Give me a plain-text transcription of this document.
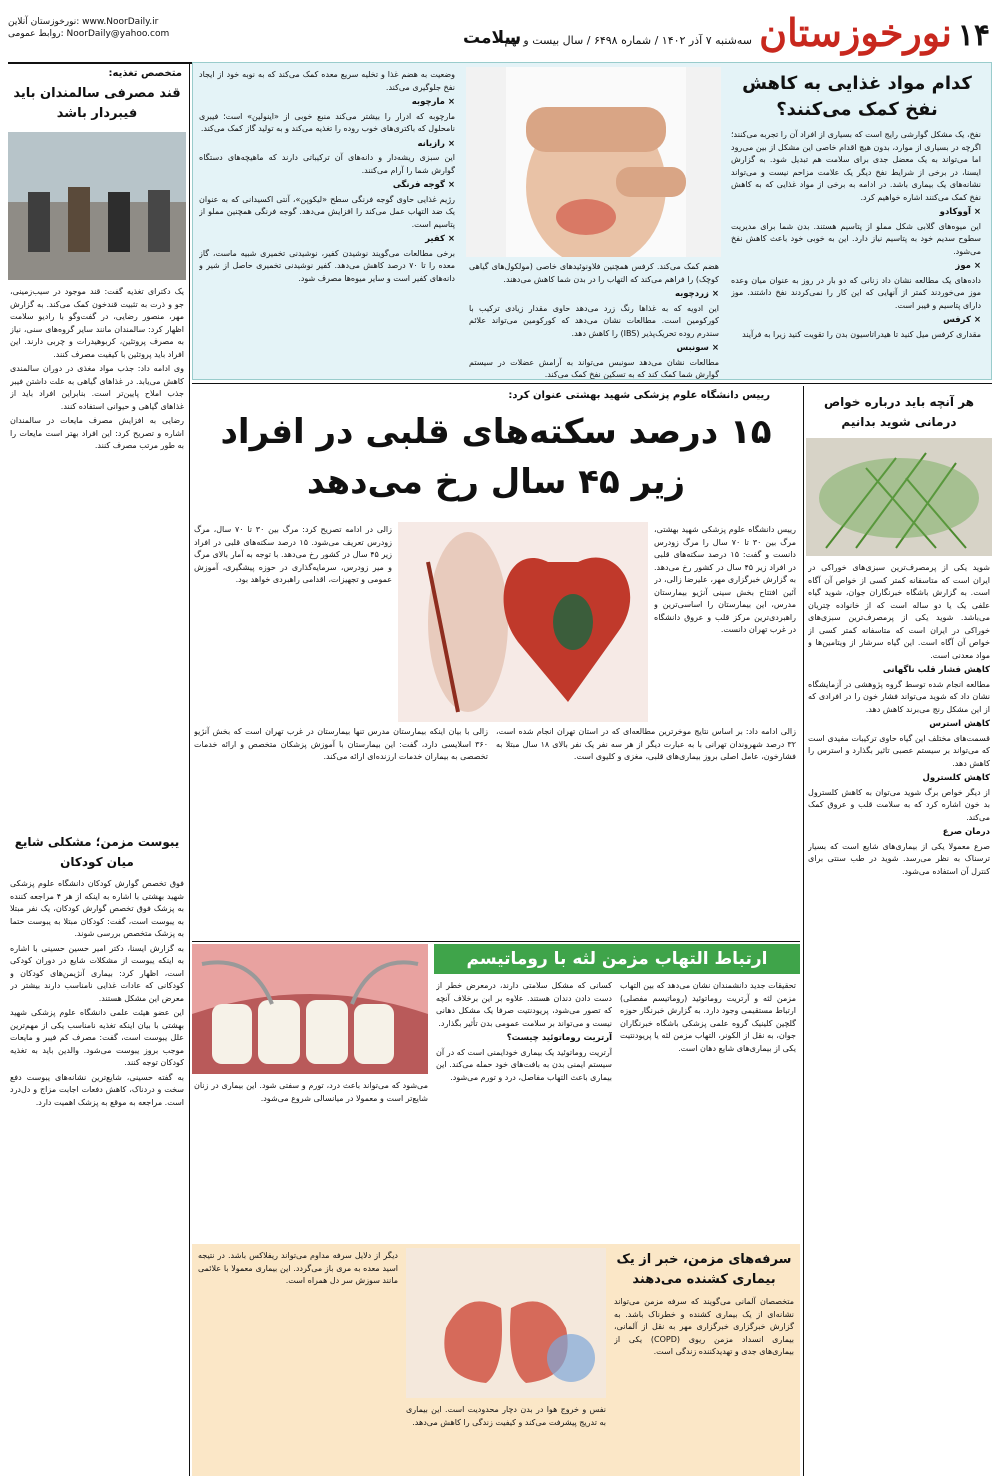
۱۴
نورخوزستان
سه‌شنبه ۷ آذر ۱۴۰۲ / شماره ۶۴۹۸ / سال بیست و نهم
سلامت
نورخوزستان آنلاین: www.NoorDaily.ir
روابط عمومی: NoorDaily@yahoo.com
کدام مواد غذایی به کاهش نفخ کمک می‌کنند؟

نفخ، یک مشکل گوارشی رایج است که بسیاری از افراد آن را تجربه می‌کنند؛ اگرچه در بسیاری از موارد، بدون هیچ اقدام خاصی این مشکل از بین می‌رود اما می‌تواند به یک معضل جدی برای سلامت هم تبدیل شود. به گزارش ایسنا، در برخی از شرایط نفخ دیگر یک علامت مزاحم نیست و می‌تواند نشانه‌های یک بیماری باشد. در ادامه به برخی از مواد غذایی که به کاهش نفخ کمک می‌کنند اشاره خواهیم کرد.

× آووکادو

این میوه‌های گلابی شکل مملو از پتاسیم هستند. بدن شما برای مدیریت سطوح سدیم خود به پتاسیم نیاز دارد. این به خوبی خود باعث کاهش نفخ می‌شود.

× موز

داده‌های یک مطالعه نشان داد زنانی که دو بار در روز به عنوان میان وعده موز می‌خوردند کمتر از آنهایی که این کار را نمی‌کردند نفخ داشتند. موز دارای پتاسیم و فیبر است.

× کرفس

مقداری کرفس میل کنید تا هیدراتاسیون بدن را تقویت کنید زیرا به فرآیند

هضم کمک می‌کند. کرفس همچنین فلاونوئیدهای خاصی (مولکول‌های گیاهی کوچک) را فراهم می‌کند که التهاب را در بدن شما کاهش می‌دهند.

× زردچوبه

این ادویه که به غذاها رنگ زرد می‌دهد حاوی مقدار زیادی ترکیب با کورکومین است. مطالعات نشان می‌دهد که کورکومین می‌تواند علائم سندرم روده تحریک‌پذیر (IBS) را کاهش دهد.

× سونبس

مطالعات نشان می‌دهد سونبس می‌تواند به آرامش عضلات در سیستم گوارش شما کمک کند که به تسکین نفخ کمک می‌کند.

وضعیت به هضم غذا و تخلیه سریع معده کمک می‌کند که به نوبه خود از ایجاد نفخ جلوگیری می‌کند.

× مارچوبه

مارچوبه که ادرار را بیشتر می‌کند منبع خوبی از «اینولین» است؛ فیبری نامحلول که باکتری‌های خوب روده را تغذیه می‌کند و به تولید گاز کمک می‌کند.

× رازیانه

این سبزی ریشه‌دار و دانه‌های آن ترکیباتی دارند که ماهیچه‌های دستگاه گوارش شما را آرام می‌کنند.

× گوجه فرنگی

رژیم غذایی حاوی گوجه فرنگی سطح «لیکوپن»، آنتی اکسیدانی که به عنوان یک ضد التهاب عمل می‌کند را افزایش می‌دهد. گوجه فرنگی همچنین مملو از پتاسیم است.

× کفیر

برخی مطالعات می‌گویند نوشیدن کفیر، نوشیدنی تخمیری شبیه ماست، گاز معده را تا ۷۰ درصد کاهش می‌دهد. کفیر نوشیدنی تخمیری حاصل از شیر و دانه‌های کفیر است و سایر میوه‌ها مصرف شود.

رییس دانشگاه علوم پزشکی شهید بهشتی عنوان کرد:
۱۵ درصد سکته‌های قلبی در افراد
زیر ۴۵ سال رخ می‌دهد
رییس دانشگاه علوم پزشکی شهید بهشتی، مرگ بین ۳۰ تا ۷۰ سال را مرگ زودرس دانست و گفت: ۱۵ درصد سکته‌های قلبی در افراد زیر ۴۵ سال در کشور رخ می‌دهد. به گزارش خبرگزاری مهر، علیرضا زالی، در آئین افتتاح بخش سینی آنژیو بیمارستان مدرس، این بیمارستان را اساسی‌ترین و راهبردی‌ترین مرکز قلب و عروق دانشگاه در غرب تهران دانست.
زالی در ادامه تصریح کرد: مرگ بین ۳۰ تا ۷۰ سال، مرگ زودرس تعریف می‌شود. ۱۵ درصد سکته‌های قلبی در افراد زیر ۴۵ سال در کشور رخ می‌دهد. با توجه به آمار بالای مرگ و میر زودرس، سرمایه‌گذاری در حوزه پیشگیری، آموزش عمومی و تجهیزات، اقدامی راهبردی خواهد بود.
زالی ادامه داد: بر اساس نتایج موخرترین مطالعه‌ای که در استان تهران انجام شده است، ۳۲ درصد شهروندان تهرانی با به عبارت دیگر از هر سه نفر یک نفر بالای ۱۸ سال مبتلا به فشارخون، عامل اصلی بروز بیماری‌های قلبی، مغزی و کلیوی است.
زالی با بیان اینکه بیمارستان مدرس تنها بیمارستان در غرب تهران است که بخش آنژیو ۳۶۰ اسلایسی دارد، گفت: این بیمارستان با آموزش پزشکان متخصص و ارائه خدمات تخصصی به بیماران خدمات ارزنده‌ای ارائه می‌کند.
ارتباط التهاب مزمن لثه با روماتیسم مفصلی
تحقیقات جدید دانشمندان نشان می‌دهد که بین التهاب مزمن لثه و آرتریت روماتوئید (روماتیسم مفصلی) ارتباط مستقیمی وجود دارد. به گزارش خبرنگار حوزه گلچین کلینیک گروه علمی پزشکی باشگاه خبرنگاران جوان، به نقل از الکونر، التهاب مزمن لثه یا پریودنتیت یکی از بیماری‌های شایع دهان است.

کسانی که مشکل سلامتی دارند، درمعرض خطر از دست دادن دندان هستند. علاوه بر این برخلاف آنچه که تصور می‌شود، پریودنتیت صرفا یک مشکل دهانی نیست و می‌تواند بر سلامت عمومی بدن تأثیر بگذارد.

آرتریت روماتوئید چیست؟

آرتریت روماتوئید یک بیماری خودایمنی است که در آن سیستم ایمنی بدن به بافت‌های خود حمله می‌کند. این بیماری باعث التهاب مفاصل، درد و تورم می‌شود.

می‌شود که می‌تواند باعث درد، تورم و سفتی شود. این بیماری در زنان شایع‌تر است و معمولا در میانسالی شروع می‌شود.
سرفه‌های مزمن، خبر از یک بیماری کشنده می‌دهند
متخصصان آلمانی می‌گویند که سرفه مزمن می‌تواند نشانه‌ای از یک بیماری کشنده و خطرناک باشد. به گزارش خبرگزاری خبرگزاری مهر به نقل از آلمانی، بیماری انسداد مزمن ریوی (COPD) یکی از بیماری‌های جدی و تهدیدکننده زندگی است.
نفس و خروج هوا در بدن دچار محدودیت است. این بیماری به تدریج پیشرفت می‌کند و کیفیت زندگی را کاهش می‌دهد.
دیگر از دلایل سرفه مداوم می‌تواند ریفلاکس باشد. در نتیجه اسید معده به مری باز می‌گردد. این بیماری معمولا با علائمی مانند سوزش سر دل همراه است.
هر آنچه باید درباره خواص درمانی شوید بدانیم

شوید یکی از پرمصرف‌ترین سبزی‌های خوراکی در ایران است که متاسفانه کمتر کسی از خواص آن آگاه است. به گزارش باشگاه خبرنگاران جوان، شوید گیاه علفی یک یا دو ساله است که از خانواده چتریان می‌باشد. شوید یکی از پرمصرف‌ترین سبزی‌های خوراکی در ایران است که متاسفانه کمتر کسی از خواص آن آگاه است. این گیاه سرشار از ویتامین‌ها و مواد معدنی است.

کاهش فشار قلب ناگهانی

مطالعه انجام شده توسط گروه پژوهشی در آزمایشگاه نشان داد که شوید می‌تواند فشار خون را در افرادی که از این مشکل رنج می‌برند کاهش دهد.

کاهش استرس

قسمت‌های مختلف این گیاه حاوی ترکیبات مفیدی است که می‌تواند بر سیستم عصبی تاثیر بگذارد و استرس را کاهش دهد.

کاهش کلسترول

از دیگر خواص برگ شوید می‌توان به کاهش کلسترول بد خون اشاره کرد که به سلامت قلب و عروق کمک می‌کند.

درمان صرع

صرع معمولا یکی از بیماری‌های شایع است که بسیار ترسناک به نظر می‌رسد. شوید در طب سنتی برای کنترل آن استفاده می‌شود.

متخصص تغذیه:
قند مصرفی سالمندان باید فیبردار باشد

یک دکترای تغذیه گفت: قند موجود در سیب‌زمینی، جو و ذرت به تثبیت قندخون کمک می‌کند. به گزارش مهر، منصور رضایی، در گفت‌وگو با رادیو سلامت اظهار کرد: سالمندان مانند سایر گروه‌های سنی، نیاز به مصرف پروتئین، کربوهیدرات و چربی دارند. این افراد باید پروتئین با کیفیت مصرف کنند.

وی ادامه داد: جذب مواد مغذی در دوران سالمندی کاهش می‌یابد. در غذاهای گیاهی به علت داشتن فیبر جذب املاح پایین‌تر است. بنابراین افراد باید از غذاهای گیاهی و حیوانی استفاده کنند.

رضایی به افزایش مصرف مایعات در سالمندان اشاره و تصریح کرد: این افراد بهتر است مایعات را به طور مرتب مصرف کنند.

یبوست مزمن؛ مشکلی شایع میان کودکان

فوق تخصص گوارش کودکان دانشگاه علوم پزشکی شهید بهشتی با اشاره به اینکه از هر ۴ مراجعه کننده به پزشک فوق تخصص گوارش کودکان، یک نفر مبتلا به یبوست است، گفت: کودکان مبتلا به یبوست حتما به پزشک متخصص بررسی شوند.

به گزارش ایسنا، دکتر امیر حسین حسینی با اشاره به اینکه یبوست از مشکلات شایع در دوران کودکی است، اظهار کرد: بیماری آنژیمن‌های کودکان و کودکانی که عادات غذایی نامناسب دارند بیشتر در معرض این مشکل هستند.

این عضو هیئت علمی دانشگاه علوم پزشکی شهید بهشتی با بیان اینکه تغذیه نامناسب یکی از مهم‌ترین علل یبوست است، گفت: مصرف کم فیبر و مایعات موجب بروز یبوست می‌شود. والدین باید به تغذیه کودکان توجه کنند.

به گفته حسینی، شایع‌ترین نشانه‌های یبوست دفع سخت و دردناک، کاهش دفعات اجابت مزاج و دل‌درد است. مراجعه به موقع به پزشک اهمیت دارد.
